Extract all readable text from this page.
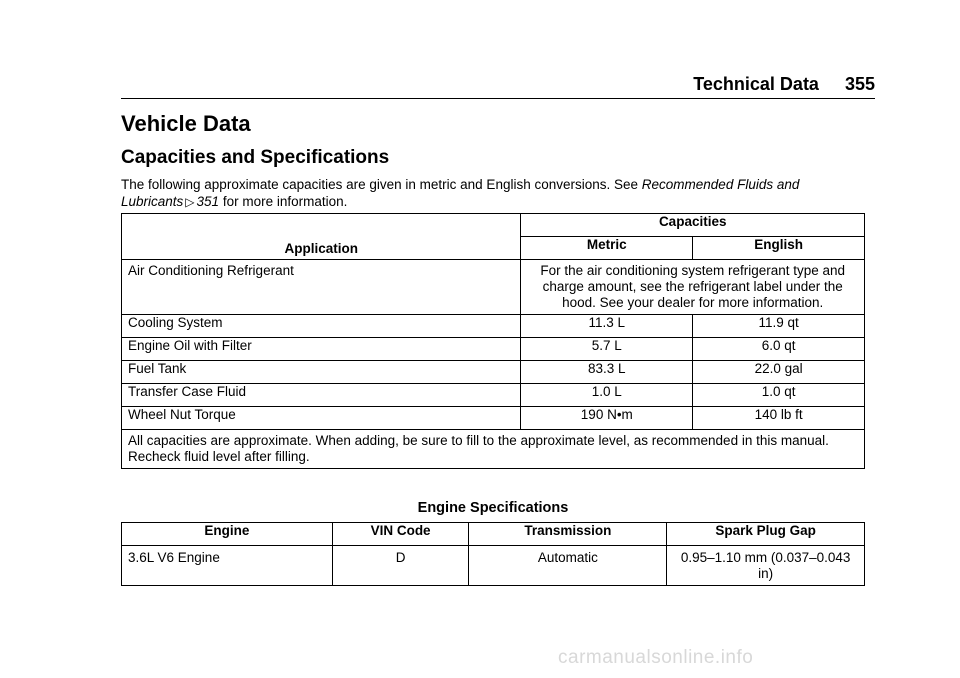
Technical Data 355
Vehicle Data
Capacities and Specifications
The following approximate capacities are given in metric and English conversions. See Recommended Fluids and Lubricants ▷ 351 for more information.
Application	Capacities	
	Metric	English
Air Conditioning Refrigerant	For the air conditioning system refrigerant type and charge amount, see the refrigerant label under the hood. See your dealer for more information.	
Cooling System	11.3 L	11.9 qt
Engine Oil with Filter	5.7 L	6.0 qt
Fuel Tank	83.3 L	22.0 gal
Transfer Case Fluid	1.0 L	1.0 qt
Wheel Nut Torque	190 N•m	140 lb ft
All capacities are approximate. When adding, be sure to fill to the approximate level, as recommended in this manual. Recheck fluid level after filling.		
Engine Specifications
Engine	VIN Code	Transmission	Spark Plug Gap
3.6L V6 Engine	D	Automatic	0.95–1.10 mm (0.037–0.043 in)
carmanualsonline.info
